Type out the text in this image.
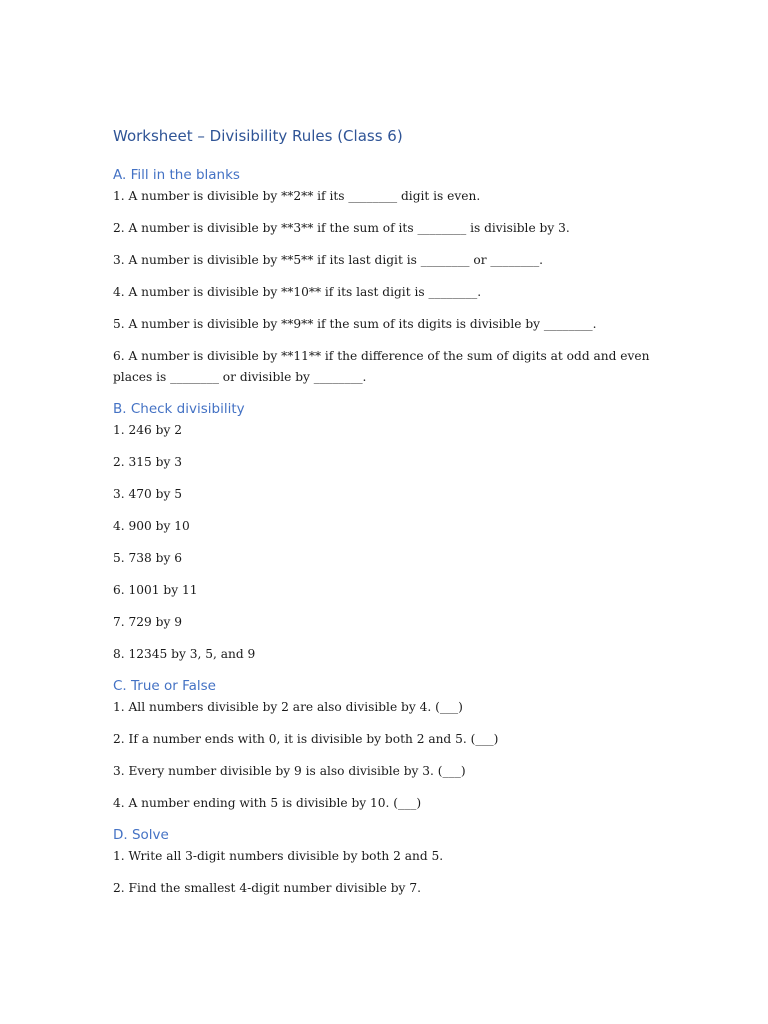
Worksheet – Divisibility Rules (Class 6)
A. Fill in the blanks
1. A number is divisible by **2** if its ________ digit is even.
2. A number is divisible by **3** if the sum of its ________ is divisible by 3.
3. A number is divisible by **5** if its last digit is ________ or ________.
4. A number is divisible by **10** if its last digit is ________.
5. A number is divisible by **9** if the sum of its digits is divisible by ________.
6. A number is divisible by **11** if the difference of the sum of digits at odd and even places is ________ or divisible by ________.
B. Check divisibility
1. 246 by 2
2. 315 by 3
3. 470 by 5
4. 900 by 10
5. 738 by 6
6. 1001 by 11
7. 729 by 9
8. 12345 by 3, 5, and 9
C. True or False
1. All numbers divisible by 2 are also divisible by 4. (___)
2. If a number ends with 0, it is divisible by both 2 and 5. (___)
3. Every number divisible by 9 is also divisible by 3. (___)
4. A number ending with 5 is divisible by 10. (___)
D. Solve
1. Write all 3-digit numbers divisible by both 2 and 5.
2. Find the smallest 4-digit number divisible by 7.
